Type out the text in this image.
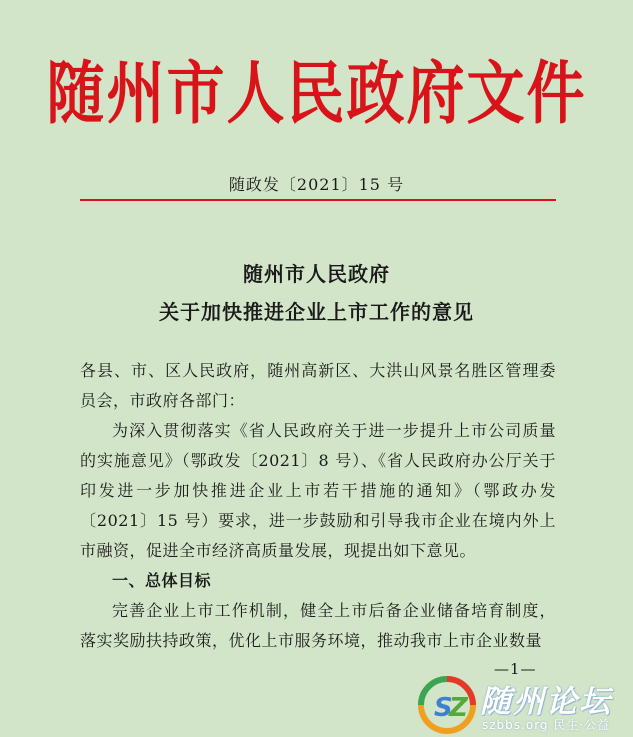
随州市人民政府文件
随政发〔2021〕15 号
随州市人民政府
关于加快推进企业上市工作的意见

各县、市、区人民政府，随州高新区、大洪山风景名胜区管理委员会，市政府各部门：

为深入贯彻落实《省人民政府关于进一步提升上市公司质量的实施意见》（鄂政发〔2021〕8 号）、《省人民政府办公厅关于印发进一步加快推进企业上市若干措施的通知》（鄂政办发〔2021〕15 号）要求，进一步鼓励和引导我市企业在境内外上市融资，促进全市经济高质量发展，现提出如下意见。

一、总体目标

完善企业上市工作机制，健全上市后备企业储备培育制度，落实奖励扶持政策，优化上市服务环境，推动我市上市企业数量

—1—
S
Z 随州论坛
szbbs.org 民生·公益
